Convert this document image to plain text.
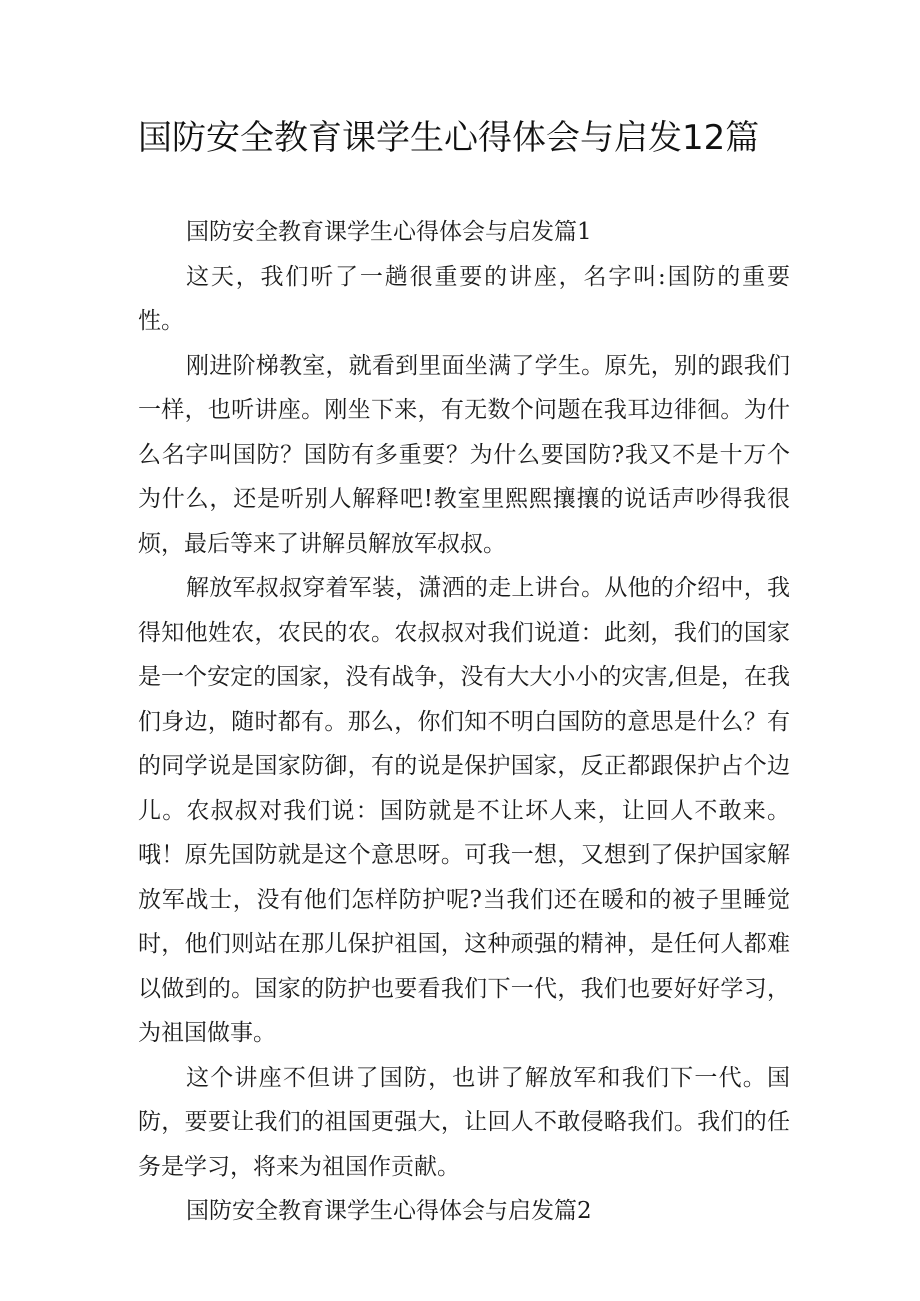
国防安全教育课学生心得体会与启发12篇

国防安全教育课学生心得体会与启发篇1

这天，我们听了一趟很重要的讲座，名字叫:国防的重要性。

刚进阶梯教室，就看到里面坐满了学生。原先，别的跟我们一样，也听讲座。刚坐下来，有无数个问题在我耳边徘徊。为什么名字叫国防？国防有多重要？为什么要国防?我又不是十万个为什么，还是听别人解释吧!教室里熙熙攘攘的说话声吵得我很烦，最后等来了讲解员解放军叔叔。

解放军叔叔穿着军装，潇洒的走上讲台。从他的介绍中，我得知他姓农，农民的农。农叔叔对我们说道：此刻，我们的国家是一个安定的国家，没有战争，没有大大小小的灾害,但是，在我们身边，随时都有。那么，你们知不明白国防的意思是什么？有的同学说是国家防御，有的说是保护国家，反正都跟保护占个边儿。农叔叔对我们说：国防就是不让坏人来，让回人不敢来。哦！原先国防就是这个意思呀。可我一想，又想到了保护国家解放军战士，没有他们怎样防护呢?当我们还在暖和的被子里睡觉时，他们则站在那儿保护祖国，这种顽强的精神，是任何人都难以做到的。国家的防护也要看我们下一代，我们也要好好学习，为祖国做事。

这个讲座不但讲了国防，也讲了解放军和我们下一代。国防，要要让我们的祖国更强大，让回人不敢侵略我们。我们的任务是学习，将来为祖国作贡献。

国防安全教育课学生心得体会与启发篇2
